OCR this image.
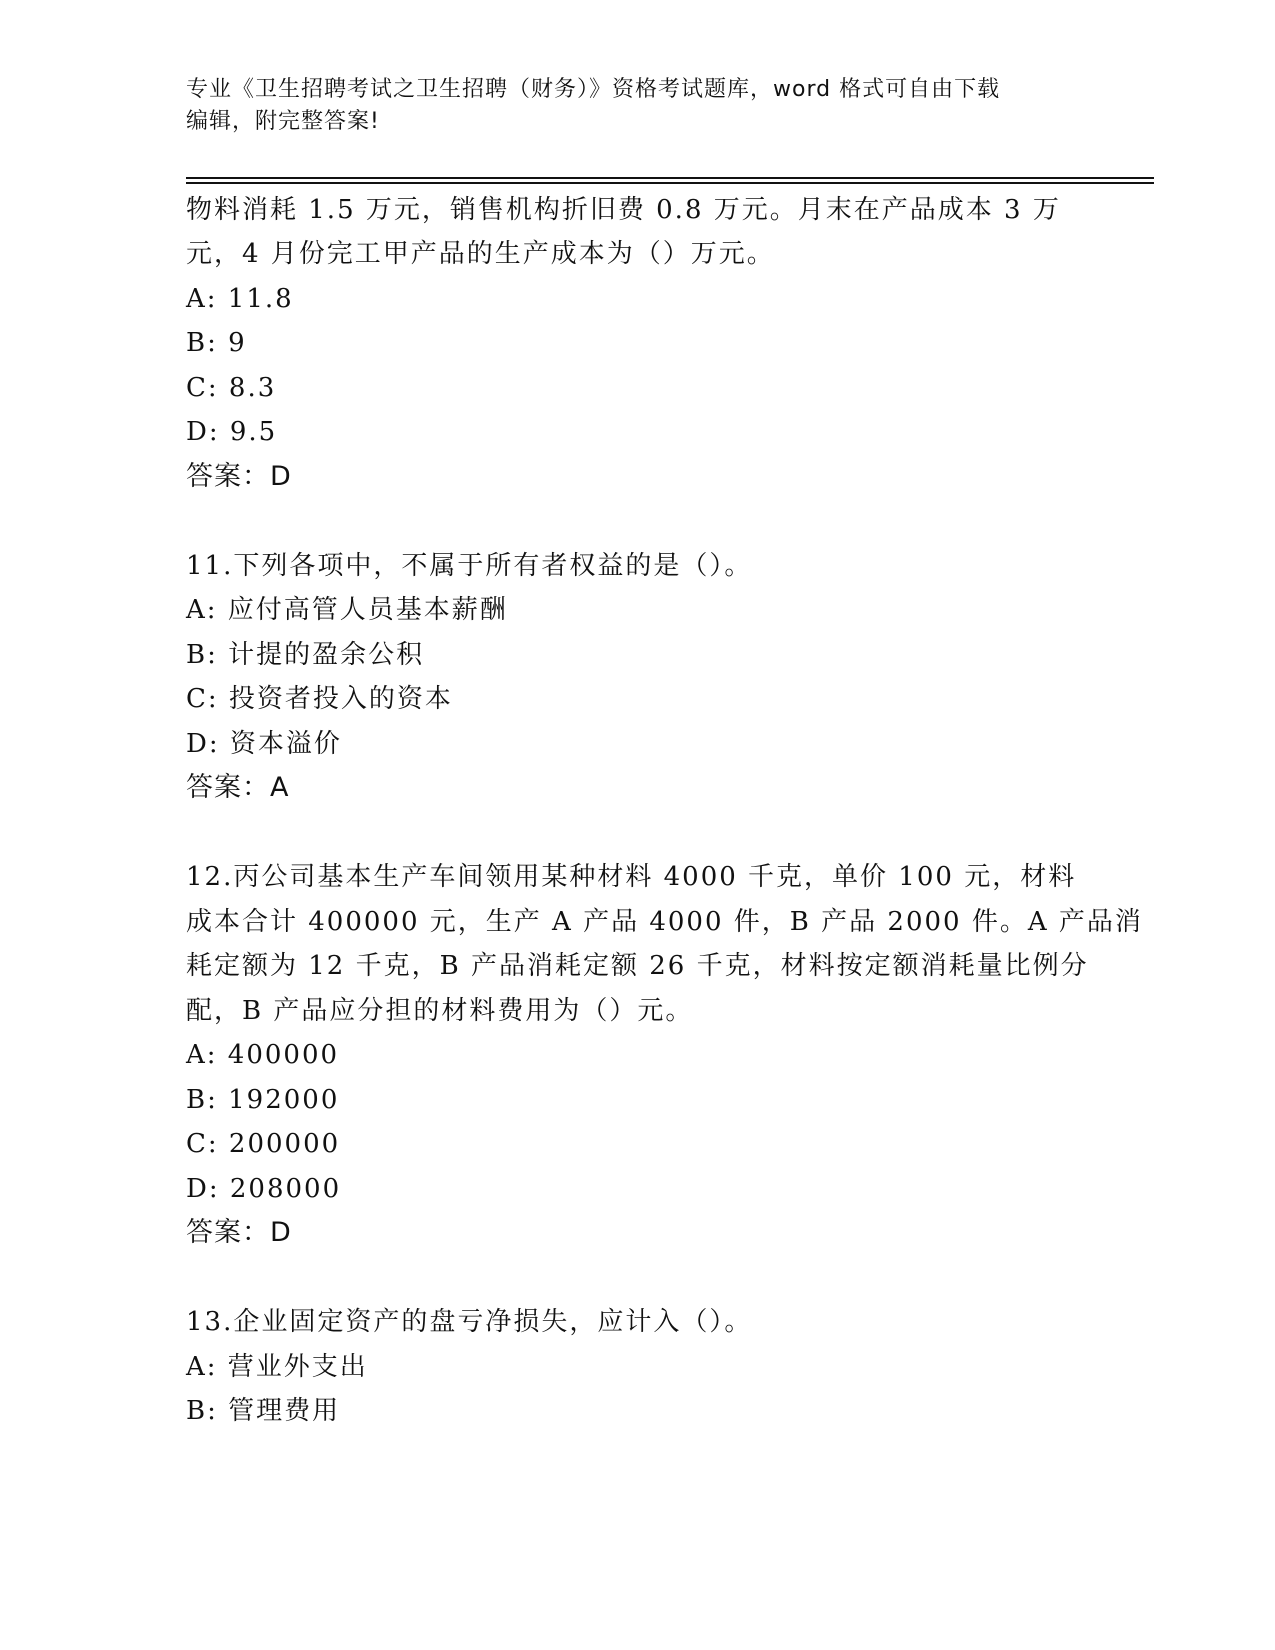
专业《卫生招聘考试之卫生招聘（财务）》资格考试题库，word 格式可自由下载
编辑，附完整答案!
物料消耗 1.5 万元，销售机构折旧费 0.8 万元。月末在产品成本 3 万
元，4 月份完工甲产品的生产成本为（）万元。
A: 11.8
B: 9
C: 8.3
D: 9.5
答案：D
11.下列各项中，不属于所有者权益的是（）。
A: 应付高管人员基本薪酬
B: 计提的盈余公积
C: 投资者投入的资本
D: 资本溢价
答案：A
12.丙公司基本生产车间领用某种材料 4000 千克，单价 100 元，材料
成本合计 400000 元，生产 A 产品 4000 件，B 产品 2000 件。A 产品消
耗定额为 12 千克，B 产品消耗定额 26 千克，材料按定额消耗量比例分
配，B 产品应分担的材料费用为（）元。
A: 400000
B: 192000
C: 200000
D: 208000
答案：D
13.企业固定资产的盘亏净损失，应计入（）。
A: 营业外支出
B: 管理费用
